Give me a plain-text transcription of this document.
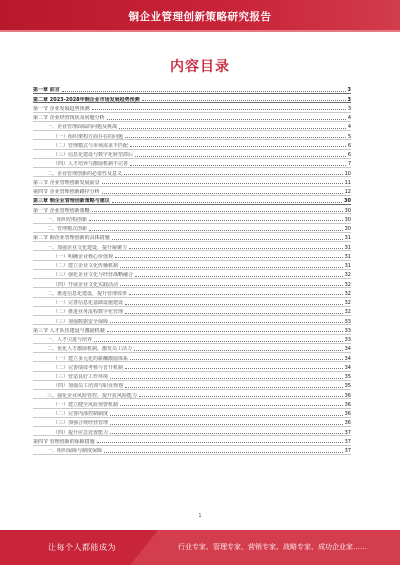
铜企业管理创新策略研究报告
内容目录
第一章 前言	3
第二章 2023-2028年铜企业市场发展趋势预测	3
第一节 企业发展趋势预测	3
第二节 企业经营现状及问题分析	4
一、企业管理面临的问题及挑战	4
（一）组织架构方面存在的问题	5
（二）管理模式与市场需求不匹配	6
（三）信息化建设与数字化转型滞后	6
（四）人才培养与激励机制不完善	7
二、企业管理创新的必要性及意义	10
第三节 企业管理创新发展前景	11
第四节 企业管理创新路径分析	12
第三章 铜企业管理创新策略与建议	30
第一节 企业管理创新策略	30
一、组织结构创新	30
二、管理模式创新	30
第二节 铜企业管理创新的具体措施	31
一、加强企业文化建设，提升凝聚力	31
（一）明确企业核心价值观	31
（二）建立企业文化传播机制	31
（三）强化企业文化与经营战略融合	32
（四）开展企业文化实践活动	32
二、推进信息化建设，提升管理效率	32
（一）完善信息化基础设施建设	32
（二）推进业务流程数字化管理	32
（三）加强数据安全保障	33
第三节 人才队伍建设与激励机制	33
一、人才引进与培养	33
二、优化人才激励机制，激发员工活力	34
（一）建立多元化的薪酬激励体系	34
（二）完善绩效考核与晋升机制	34
（三）营造良好工作环境	35
（四）加强员工培训与职业规划	35
三、强化企业风险管控，提升抗风险能力	36
（一）建立健全风险预警机制	36
（二）完善内部控制制度	36
（三）加强合规经营管理	36
（四）提升应急处置能力	37
第四节 管理创新的保障措施	37
一、组织保障与制度保障	37
1
让每个人都能成为	行业专家、管理专家、营销专家、战略专家、成功企业家……
